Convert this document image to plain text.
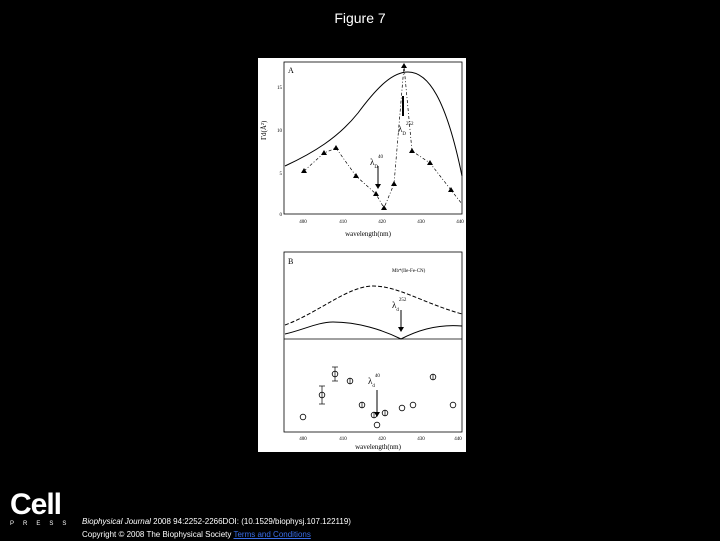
Figure 7
A
Γd(Å²)
0
5
10
15
400	410	420	430	440
wavelength(nm)
$\lambda_D^{252}$
$\lambda_D^{40}$
B
Mb*(Ile-Fe-CN)
$\lambda_d^{252}$
$\lambda_d^{40}$
400	410	420	430	440
wavelength(nm)
Cell
PRESS Biophysical Journal 2008 94:2252-2266DOI: (10.1529/biophysj.107.122119)
Copyright © 2008 The Biophysical Society Terms and Conditions
